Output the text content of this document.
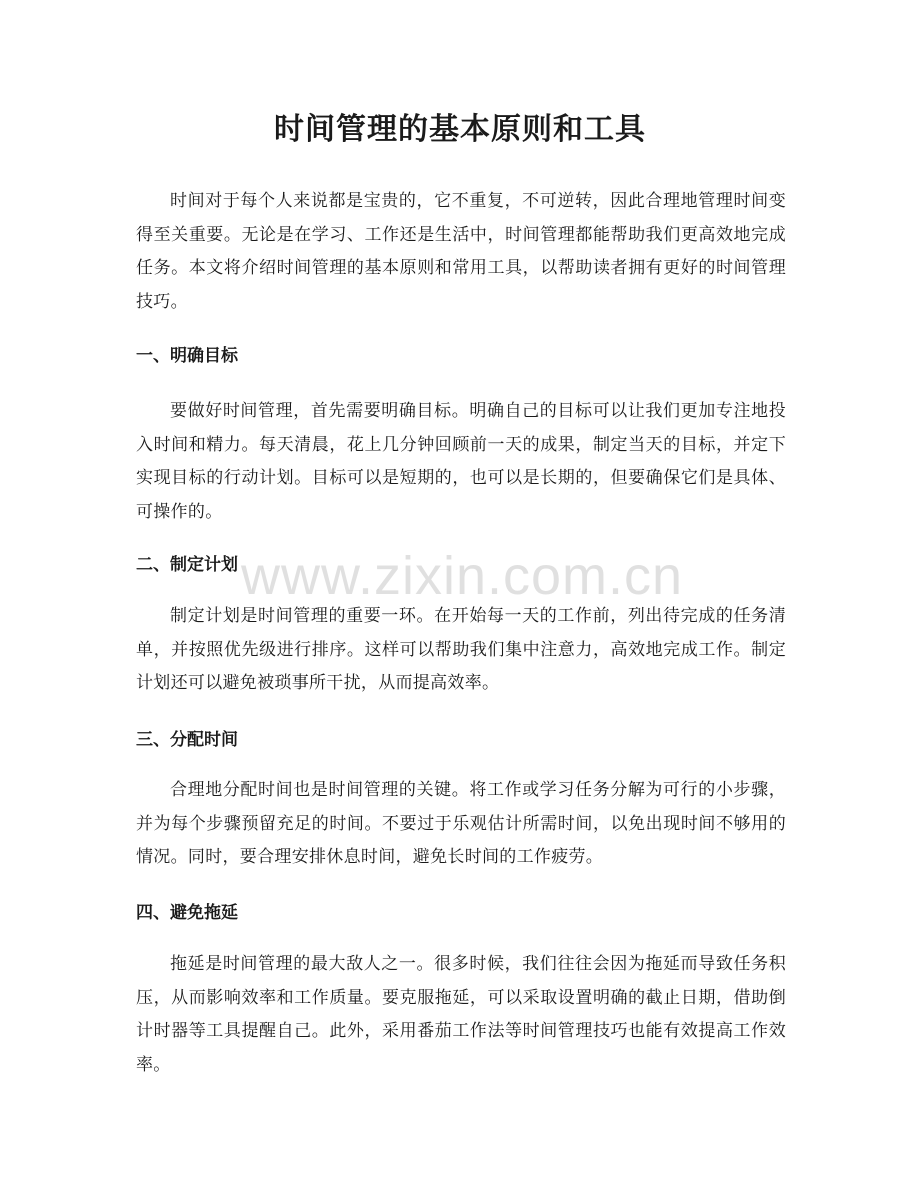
时间管理的基本原则和工具

时间对于每个人来说都是宝贵的，它不重复，不可逆转，因此合理地管理时间变得至关重要。无论是在学习、工作还是生活中，时间管理都能帮助我们更高效地完成任务。本文将介绍时间管理的基本原则和常用工具，以帮助读者拥有更好的时间管理技巧。

一、明确目标

要做好时间管理，首先需要明确目标。明确自己的目标可以让我们更加专注地投入时间和精力。每天清晨，花上几分钟回顾前一天的成果，制定当天的目标，并定下实现目标的行动计划。目标可以是短期的，也可以是长期的，但要确保它们是具体、可操作的。

二、制定计划

制定计划是时间管理的重要一环。在开始每一天的工作前，列出待完成的任务清单，并按照优先级进行排序。这样可以帮助我们集中注意力，高效地完成工作。制定计划还可以避免被琐事所干扰，从而提高效率。

三、分配时间

合理地分配时间也是时间管理的关键。将工作或学习任务分解为可行的小步骤，并为每个步骤预留充足的时间。不要过于乐观估计所需时间，以免出现时间不够用的情况。同时，要合理安排休息时间，避免长时间的工作疲劳。

四、避免拖延

拖延是时间管理的最大敌人之一。很多时候，我们往往会因为拖延而导致任务积压，从而影响效率和工作质量。要克服拖延，可以采取设置明确的截止日期，借助倒计时器等工具提醒自己。此外，采用番茄工作法等时间管理技巧也能有效提高工作效率。

www.zixin.com.cn
